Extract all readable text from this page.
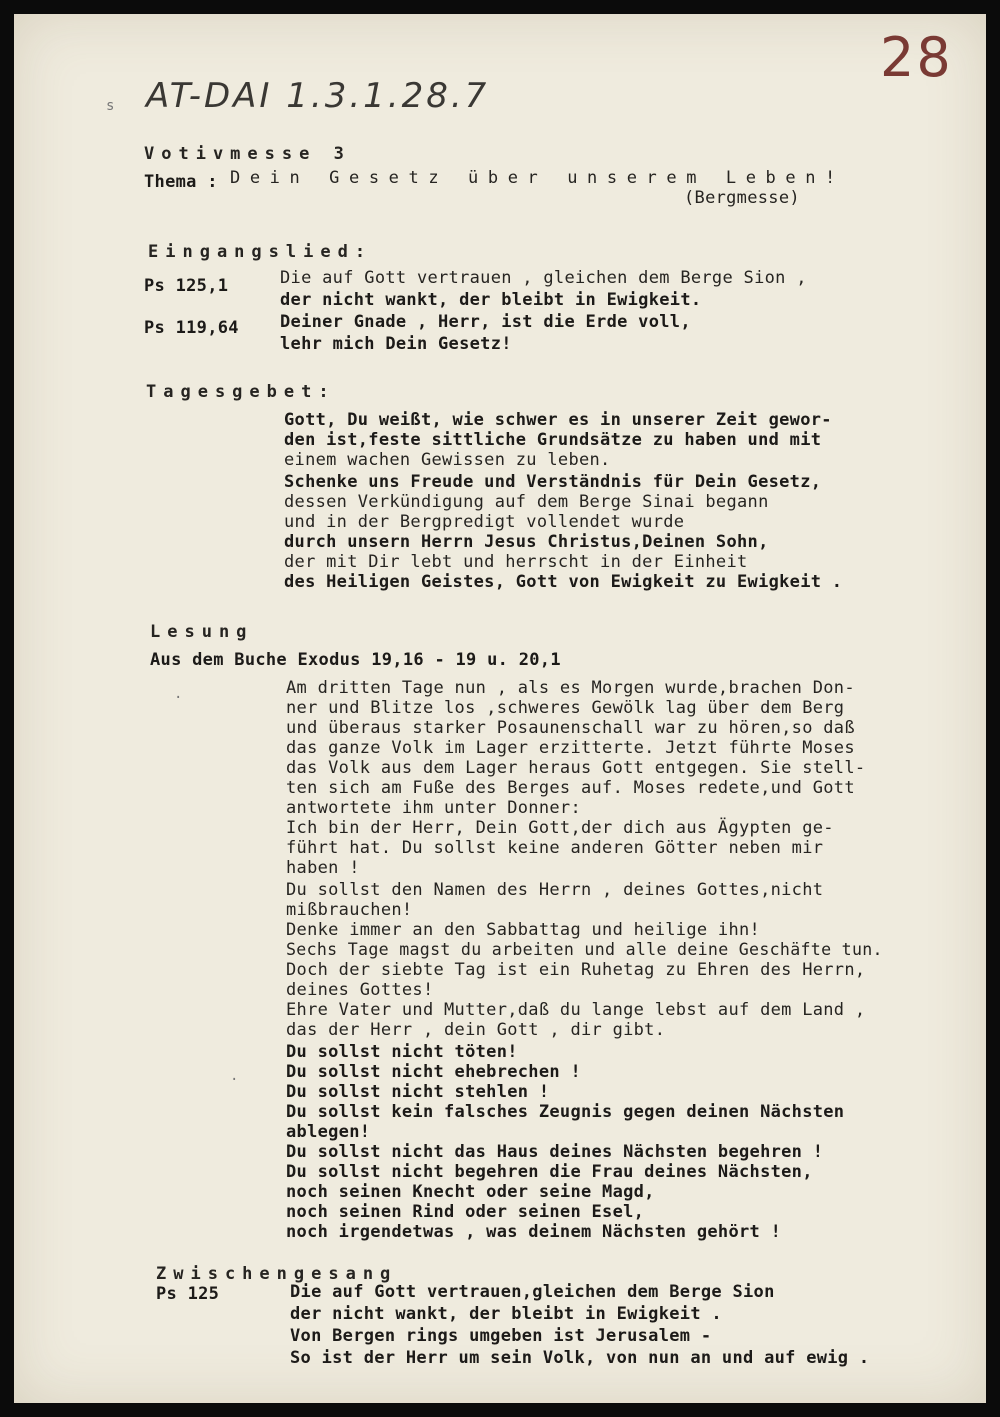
28
AT-DAI 1.3.1.28.7
Votivmesse 3
Thema : Dein Gesetz über unserem Leben!
(Bergmesse)
Eingangslied:
Ps 125,1
Ps 119,64
Die auf Gott vertrauen , gleichen dem Berge Sion ,
der nicht wankt, der bleibt in Ewigkeit.
Deiner Gnade , Herr, ist die Erde voll,
lehr mich Dein Gesetz!
Tagesgebet:
Gott, Du weißt, wie schwer es in unserer Zeit gewor-
den ist,feste sittliche Grundsätze zu haben und mit
einem wachen Gewissen zu leben.
Schenke uns Freude und Verständnis für Dein Gesetz,
dessen Verkündigung auf dem Berge Sinai begann
und in der Bergpredigt vollendet wurde
durch unsern Herrn Jesus Christus,Deinen Sohn,
der mit Dir lebt und herrscht in der Einheit
des Heiligen Geistes, Gott von Ewigkeit zu Ewigkeit .
Lesung
Aus dem Buche Exodus 19,16 - 19 u. 20,1
Am dritten Tage nun , als es Morgen wurde,brachen Don-
ner und Blitze los ,schweres Gewölk lag über dem Berg
und überaus starker Posaunenschall war zu hören,so daß
das ganze Volk im Lager erzitterte. Jetzt führte Moses
das Volk aus dem Lager heraus Gott entgegen. Sie stell-
ten sich am Fuße des Berges auf. Moses redete,und Gott
antwortete ihm unter Donner:
Ich bin der Herr, Dein Gott,der dich aus Ägypten ge-
führt hat. Du sollst keine anderen Götter neben mir
haben !
Du sollst den Namen des Herrn , deines Gottes,nicht
mißbrauchen!
Denke immer an den Sabbattag und heilige ihn!
Sechs Tage magst du arbeiten und alle deine Geschäfte tun.
Doch der siebte Tag ist ein Ruhetag zu Ehren des Herrn,
deines Gottes!
Ehre Vater und Mutter,daß du lange lebst auf dem Land ,
das der Herr , dein Gott , dir gibt.
Du sollst nicht töten!
Du sollst nicht ehebrechen !
Du sollst nicht stehlen !
Du sollst kein falsches Zeugnis gegen deinen Nächsten
ablegen!
Du sollst nicht das Haus deines Nächsten begehren !
Du sollst nicht begehren die Frau deines Nächsten,
noch seinen Knecht oder seine Magd,
noch seinen Rind oder seinen Esel,
noch irgendetwas , was deinem Nächsten gehört !
Zwischengesang
Ps 125	Die auf Gott vertrauen,gleichen dem Berge Sion
der nicht wankt, der bleibt in Ewigkeit .
Von Bergen rings umgeben ist Jerusalem -
So ist der Herr um sein Volk, von nun an und auf ewig .
s
·
·
